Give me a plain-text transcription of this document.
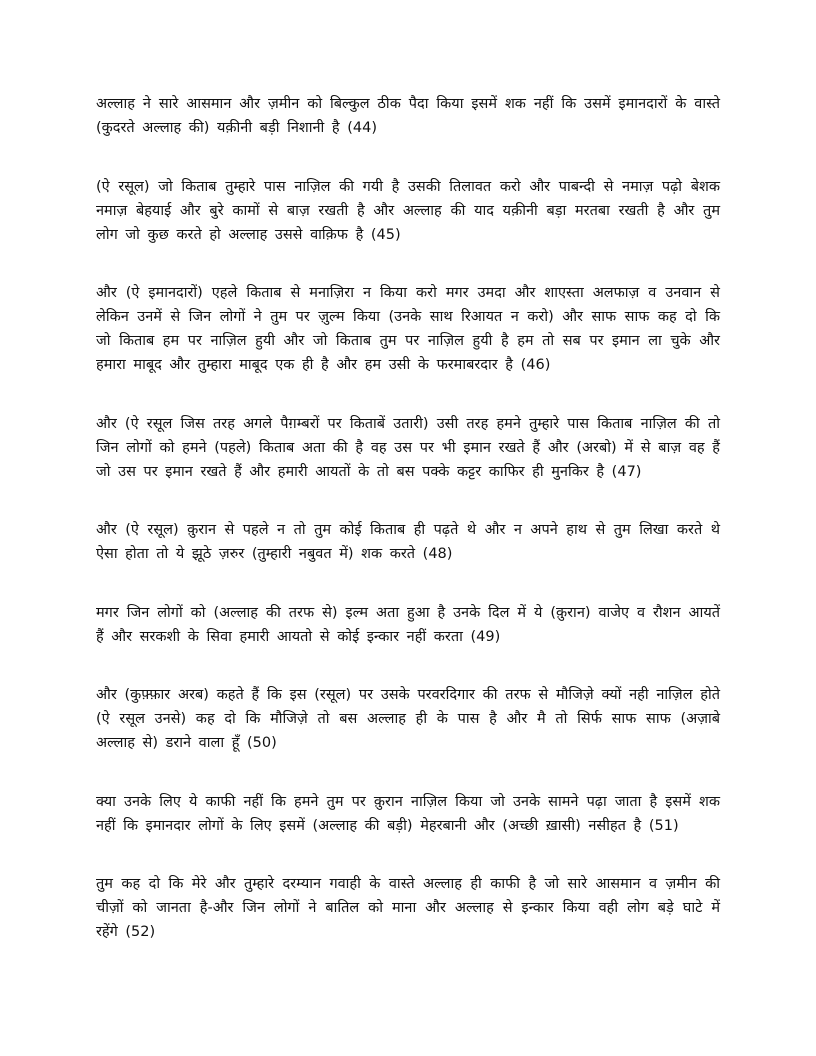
अल्लाह ने सारे आसमान और ज़मीन को बिल्कुल ठीक पैदा किया इसमें शक नहीं कि उसमें इमानदारों के वास्ते (कुदरते अल्लाह की) यक़ीनी बड़ी निशानी है (44)

(ऐ रसूल) जो किताब तुम्हारे पास नाज़िल की गयी है उसकी तिलावत करो और पाबन्दी से नमाज़ पढ़ो बेशक नमाज़ बेहयाई और बुरे कामों से बाज़ रखती है और अल्लाह की याद यक़ीनी बड़ा मरतबा रखती है और तुम लोग जो कुछ करते हो अल्लाह उससे वाक़िफ है (45)

और (ऐ इमानदारों) एहले किताब से मनाज़िरा न किया करो मगर उमदा और शाएस्ता अलफाज़ व उनवान से लेकिन उनमें से जिन लोगों ने तुम पर ज़ुल्म किया (उनके साथ रिआयत न करो) और साफ साफ कह दो कि जो किताब हम पर नाज़िल हुयी और जो किताब तुम पर नाज़िल हुयी है हम तो सब पर इमान ला चुके और हमारा माबूद और तुम्हारा माबूद एक ही है और हम उसी के फरमाबरदार है (46)

और (ऐ रसूल जिस तरह अगले पैग़म्बरों पर किताबें उतारी) उसी तरह हमने तुम्हारे पास किताब नाज़िल की तो जिन लोगों को हमने (पहले) किताब अता की है वह उस पर भी इमान रखते हैं और (अरबो) में से बाज़ वह हैं जो उस पर इमान रखते हैं और हमारी आयतों के तो बस पक्के कट्टर काफिर ही मुनकिर है (47)

और (ऐ रसूल) क़ुरान से पहले न तो तुम कोई किताब ही पढ़ते थे और न अपने हाथ से तुम लिखा करते थे ऐसा होता तो ये झूठे ज़रुर (तुम्हारी नबुवत में) शक करते (48)

मगर जिन लोगों को (अल्लाह की तरफ से) इल्म अता हुआ है उनके दिल में ये (क़ुरान) वाजेए व रौशन आयतें हैं और सरकशी के सिवा हमारी आयतो से कोई इन्कार नहीं करता (49)

और (कुफ़्फ़ार अरब) कहते हैं कि इस (रसूल) पर उसके परवरदिगार की तरफ से मौजिज़े क्यों नही नाज़िल होते (ऐ रसूल उनसे) कह दो कि मौजिज़े तो बस अल्लाह ही के पास है और मै तो सिर्फ साफ साफ (अज़ाबे अल्लाह से) डराने वाला हूँ (50)

क्या उनके लिए ये काफी नहीं कि हमने तुम पर क़ुरान नाज़िल किया जो उनके सामने पढ़ा जाता है इसमें शक नहीं कि इमानदार लोगों के लिए इसमें (अल्लाह की बड़ी) मेहरबानी और (अच्छी ख़ासी) नसीहत है (51)

तुम कह दो कि मेरे और तुम्हारे दरम्यान गवाही के वास्ते अल्लाह ही काफी है जो सारे आसमान व ज़मीन की चीज़ों को जानता है-और जिन लोगों ने बातिल को माना और अल्लाह से इन्कार किया वही लोग बड़े घाटे में रहेंगे (52)
